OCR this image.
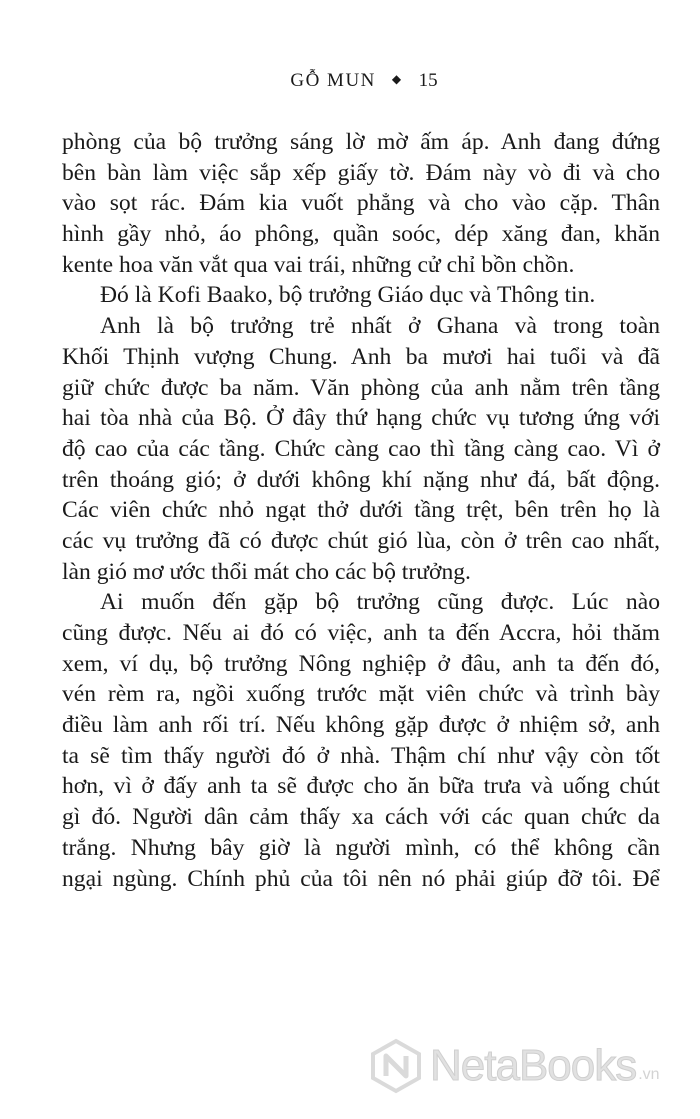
GỖ MUN ◆ 15
phòng của bộ trưởng sáng lờ mờ ấm áp. Anh đang đứng
bên bàn làm việc sắp xếp giấy tờ. Đám này vò đi và cho
vào sọt rác. Đám kia vuốt phẳng và cho vào cặp. Thân
hình gầy nhỏ, áo phông, quần soóc, dép xăng đan, khăn
kente hoa văn vắt qua vai trái, những cử chỉ bồn chồn.
Đó là Kofi Baako, bộ trưởng Giáo dục và Thông tin.
Anh là bộ trưởng trẻ nhất ở Ghana và trong toàn
Khối Thịnh vượng Chung. Anh ba mươi hai tuổi và đã
giữ chức được ba năm. Văn phòng của anh nằm trên tầng
hai tòa nhà của Bộ. Ở đây thứ hạng chức vụ tương ứng với
độ cao của các tầng. Chức càng cao thì tầng càng cao. Vì ở
trên thoáng gió; ở dưới không khí nặng như đá, bất động.
Các viên chức nhỏ ngạt thở dưới tầng trệt, bên trên họ là
các vụ trưởng đã có được chút gió lùa, còn ở trên cao nhất,
làn gió mơ ước thổi mát cho các bộ trưởng.
Ai muốn đến gặp bộ trưởng cũng được. Lúc nào
cũng được. Nếu ai đó có việc, anh ta đến Accra, hỏi thăm
xem, ví dụ, bộ trưởng Nông nghiệp ở đâu, anh ta đến đó,
vén rèm ra, ngồi xuống trước mặt viên chức và trình bày
điều làm anh rối trí. Nếu không gặp được ở nhiệm sở, anh
ta sẽ tìm thấy người đó ở nhà. Thậm chí như vậy còn tốt
hơn, vì ở đấy anh ta sẽ được cho ăn bữa trưa và uống chút
gì đó. Người dân cảm thấy xa cách với các quan chức da
trắng. Nhưng bây giờ là người mình, có thể không cần
ngại ngùng. Chính phủ của tôi nên nó phải giúp đỡ tôi. Để
NetaBooks .vn
